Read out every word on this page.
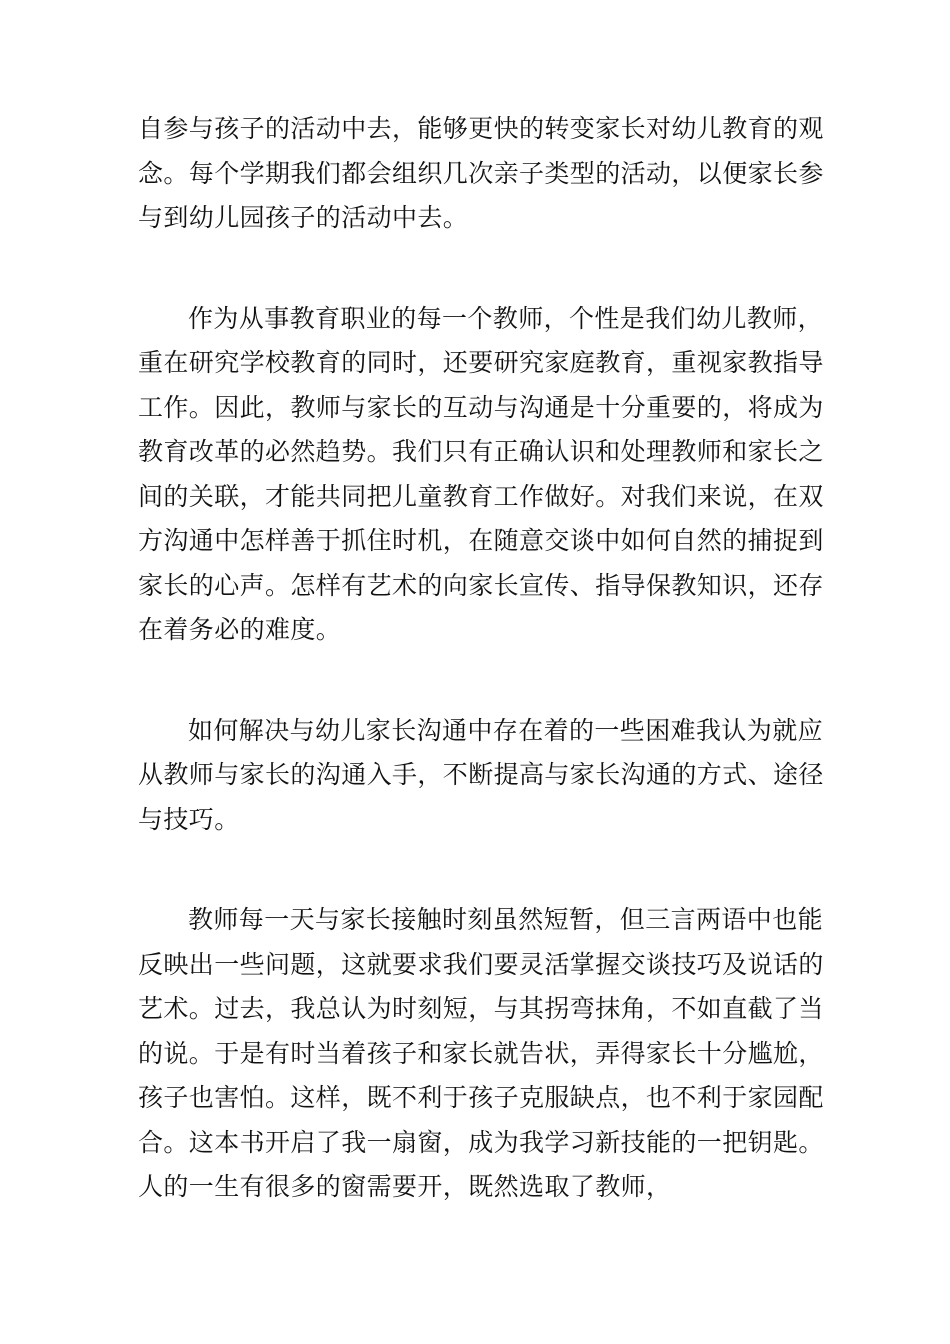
自参与孩子的活动中去，能够更快的转变家长对幼儿教育的观念。每个学期我们都会组织几次亲子类型的活动，以便家长参与到幼儿园孩子的活动中去。

作为从事教育职业的每一个教师，个性是我们幼儿教师，重在研究学校教育的同时，还要研究家庭教育，重视家教指导工作。因此，教师与家长的互动与沟通是十分重要的，将成为教育改革的必然趋势。我们只有正确认识和处理教师和家长之间的关联，才能共同把儿童教育工作做好。对我们来说，在双方沟通中怎样善于抓住时机，在随意交谈中如何自然的捕捉到家长的心声。怎样有艺术的向家长宣传、指导保教知识，还存在着务必的难度。

如何解决与幼儿家长沟通中存在着的一些困难我认为就应从教师与家长的沟通入手，不断提高与家长沟通的方式、途径与技巧。

教师每一天与家长接触时刻虽然短暂，但三言两语中也能反映出一些问题，这就要求我们要灵活掌握交谈技巧及说话的艺术。过去，我总认为时刻短，与其拐弯抹角，不如直截了当的说。于是有时当着孩子和家长就告状，弄得家长十分尴尬，孩子也害怕。这样，既不利于孩子克服缺点，也不利于家园配合。这本书开启了我一扇窗，成为我学习新技能的一把钥匙。人的一生有很多的窗需要开，既然选取了教师，
